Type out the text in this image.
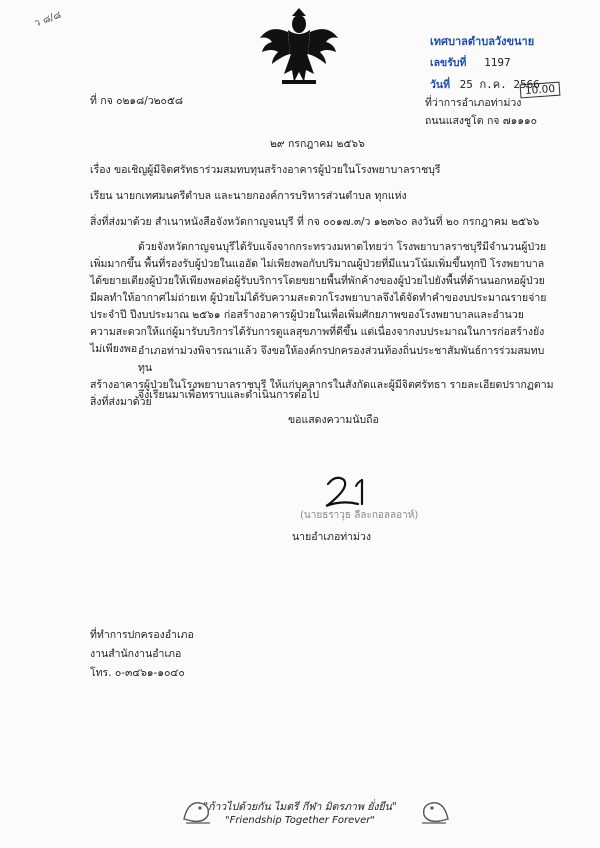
ว ๘/๘
เทศบาลตำบลวังขนาย
เลขรับที่ 1197
วันที่ 25 ก.ค. 2566
10.00
ที่ กจ ๐๒๑๘/ว๒๐๕๘	ที่ว่าการอำเภอท่าม่วง
ถนนแสงชูโต กจ ๗๑๑๑๐
๒๙ กรกฎาคม ๒๕๖๖
เรื่อง ขอเชิญผู้มีจิตศรัทธาร่วมสมทบทุนสร้างอาคารผู้ป่วยในโรงพยาบาลราชบุรี
เรียน นายกเทศมนตรีตำบล และนายกองค์การบริหารส่วนตำบล ทุกแห่ง
สิ่งที่ส่งมาด้วย สำเนาหนังสือจังหวัดกาญจนบุรี ที่ กจ ๐๐๑๗.๓/ว ๑๒๓๖๐ ลงวันที่ ๒๐ กรกฎาคม ๒๕๖๖
ด้วยจังหวัดกาญจนบุรีได้รับแจ้งจากกระทรวงมหาดไทยว่า โรงพยาบาลราชบุรีมีจำนวนผู้ป่วย
เพิ่มมากขึ้น พื้นที่รองรับผู้ป่วยในแออัด ไม่เพียงพอกับปริมาณผู้ป่วยที่มีแนวโน้มเพิ่มขึ้นทุกปี โรงพยาบาล
ได้ขยายเตียงผู้ป่วยให้เพียงพอต่อผู้รับบริการโดยขยายพื้นที่พักค้างของผู้ป่วยไปยังพื้นที่ด้านนอกหอผู้ป่วย
มีผลทำให้อากาศไม่ถ่ายเท ผู้ป่วยไม่ได้รับความสะดวกโรงพยาบาลจึงได้จัดทำคำของบประมาณรายจ่าย
ประจำปี ปีงบประมาณ ๒๕๖๑ ก่อสร้างอาคารผู้ป่วยในเพื่อเพิ่มศักยภาพของโรงพยาบาลและอำนวย
ความสะดวกให้แก่ผู้มารับบริการได้รับการดูแลสุขภาพที่ดีขึ้น แต่เนื่องจากงบประมาณในการก่อสร้างยังไม่เพียงพอ อำเภอท่าม่วงพิจารณาแล้ว จึงขอให้องค์กรปกครองส่วนท้องถิ่นประชาสัมพันธ์การร่วมสมทบทุน
สร้างอาคารผู้ป่วยในโรงพยาบาลราชบุรี ให้แก่บุคลากรในสังกัดและผู้มีจิตศรัทธา รายละเอียดปรากฏตามสิ่งที่ส่งมาด้วย
จึงเรียนมาเพื่อทราบและดำเนินการต่อไป
ขอแสดงความนับถือ
(นายธราวุธ ลีละกอลลอาห์)
นายอำเภอท่าม่วง
ที่ทำการปกครองอำเภอ
งานสำนักงานอำเภอ
โทร. ๐-๓๔๖๑-๑๐๔๐
"ก้าวไปด้วยกัน ไมตรี กีฬา มิตรภาพ ยั่งยืน"
"Friendship Together Forever"
